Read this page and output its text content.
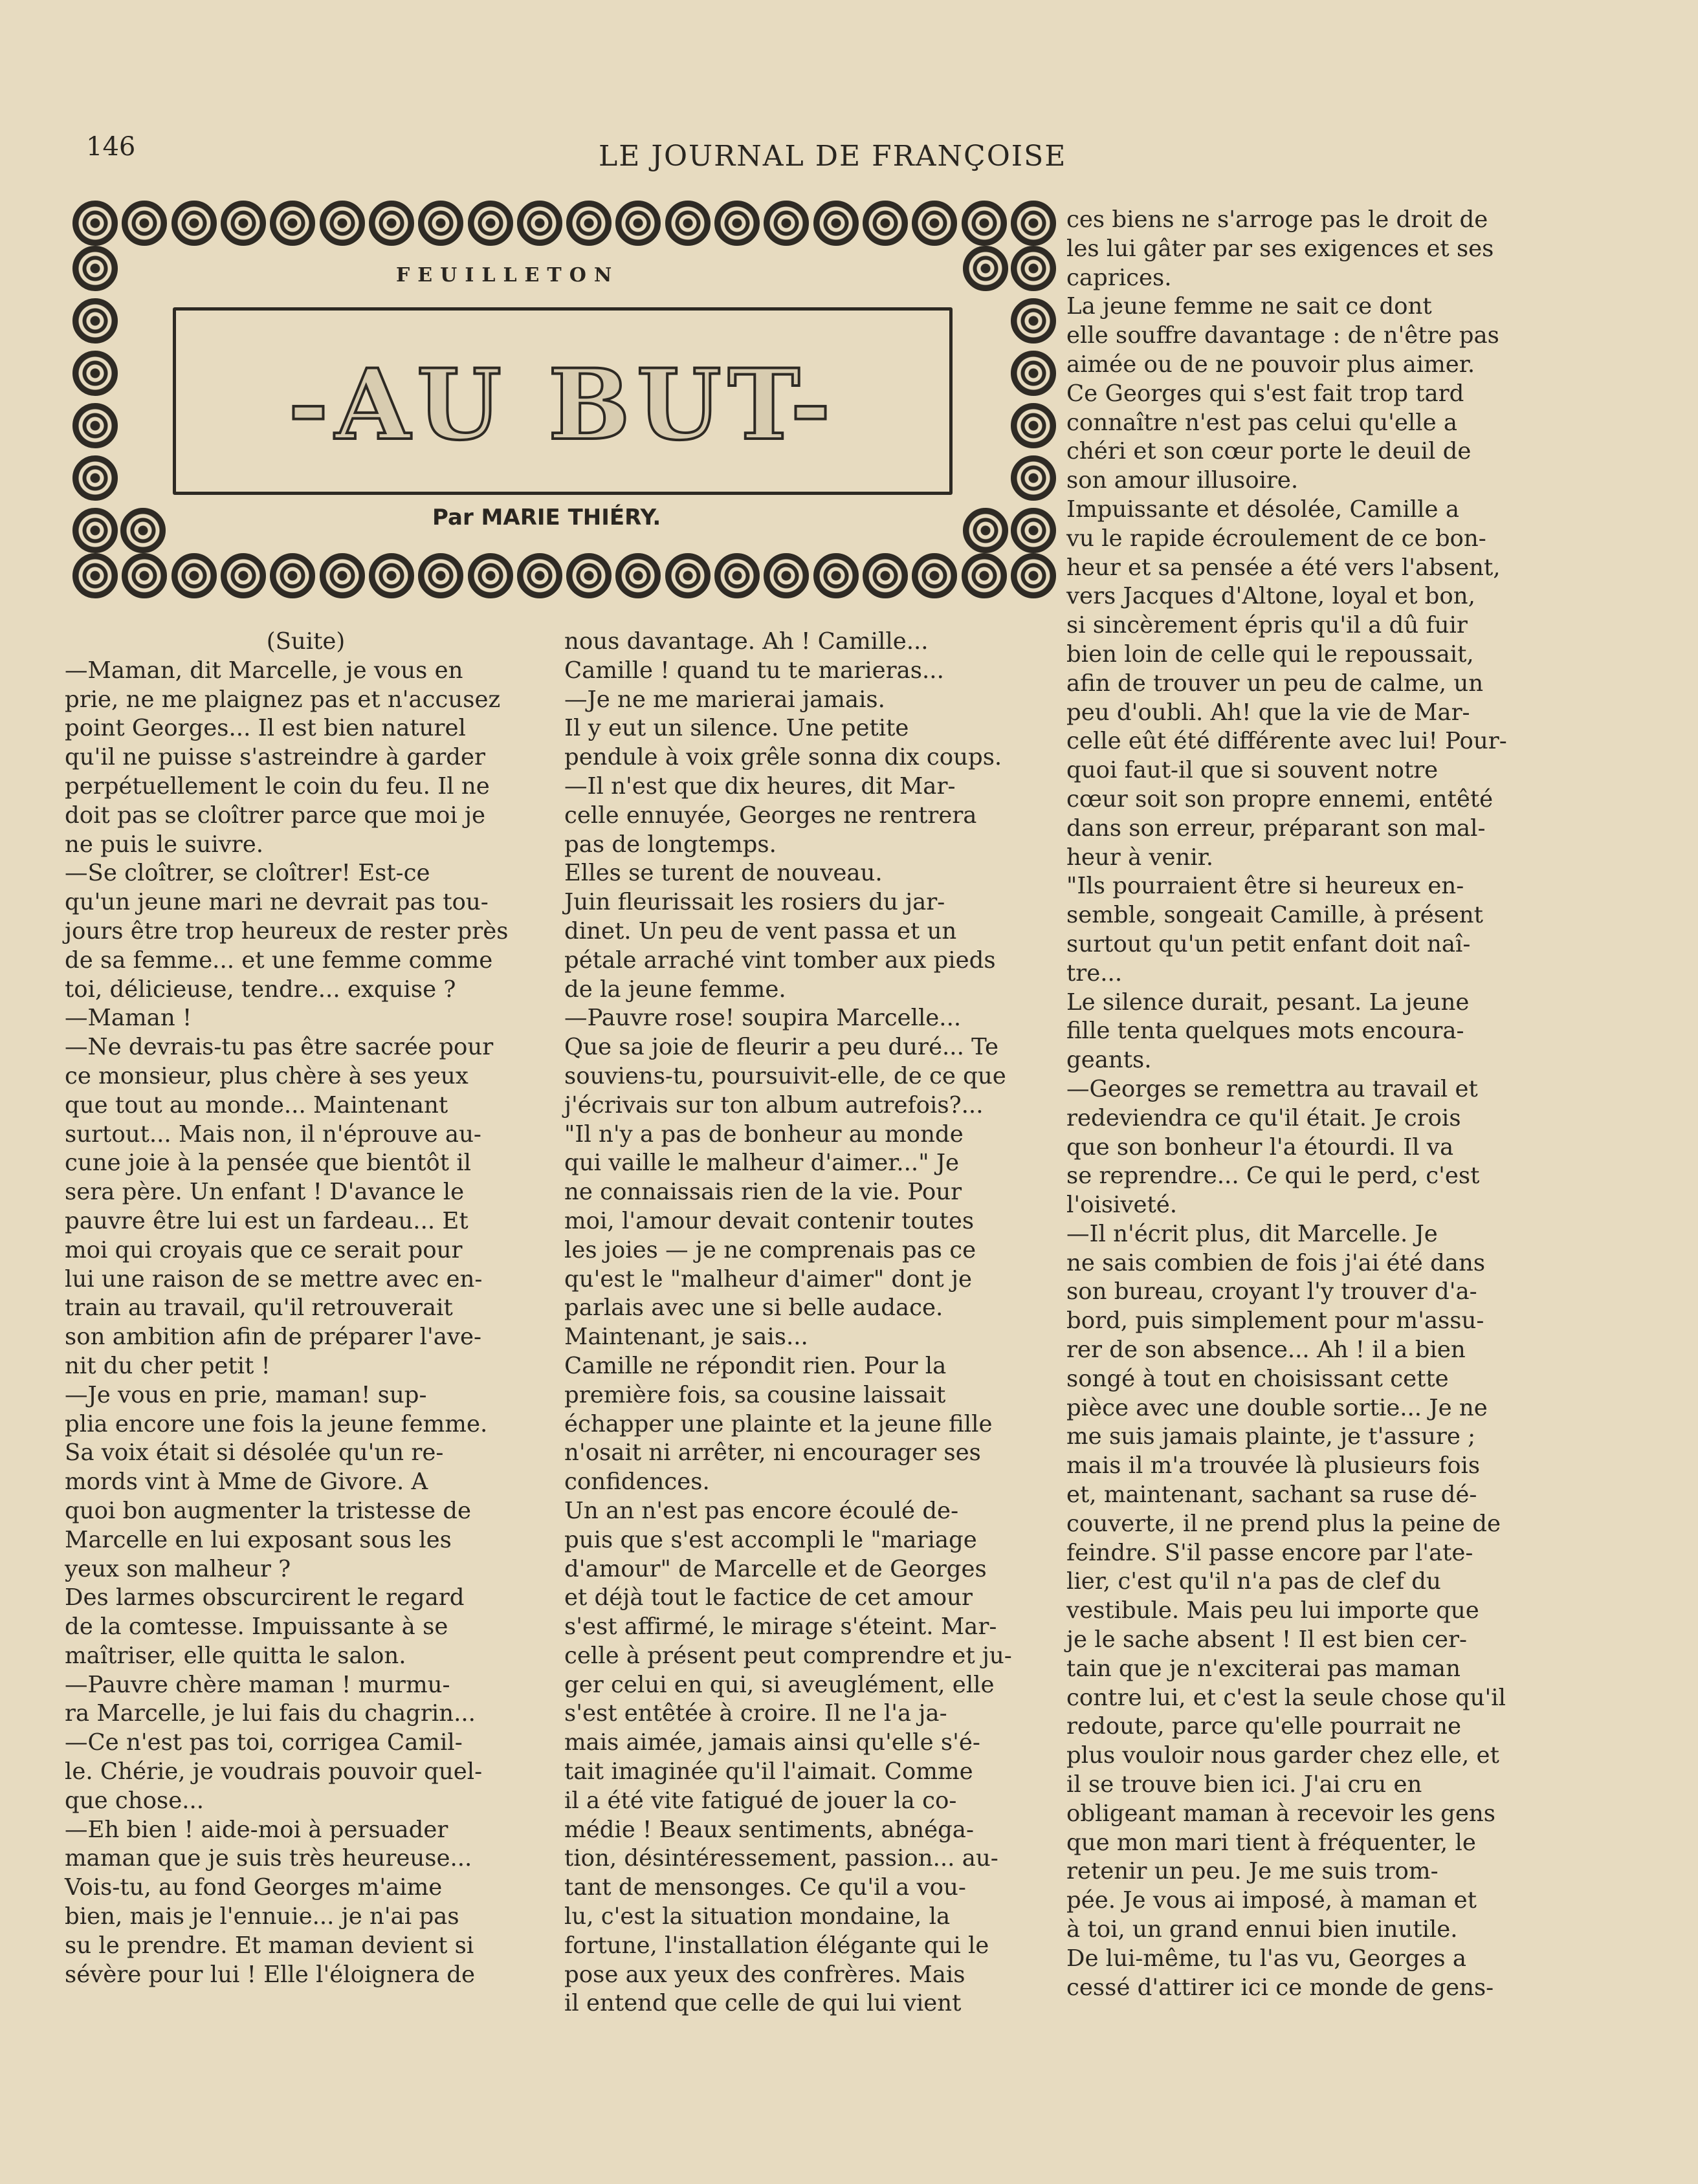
146	LE JOURNAL DE FRANÇOISE
FEUILLETON
-AU BUT-
Par MARIE THIÉRY.
(Suite)
—Maman, dit Marcelle, je vous en
prie, ne me plaignez pas et n'accusez
point Georges... Il est bien naturel
qu'il ne puisse s'astreindre à garder
perpétuellement le coin du feu. Il ne
doit pas se cloîtrer parce que moi je
ne puis le suivre.
—Se cloîtrer, se cloîtrer! Est-ce
qu'un jeune mari ne devrait pas tou-
jours être trop heureux de rester près
de sa femme... et une femme comme
toi, délicieuse, tendre... exquise ?
—Maman !
—Ne devrais-tu pas être sacrée pour
ce monsieur, plus chère à ses yeux
que tout au monde... Maintenant
surtout... Mais non, il n'éprouve au-
cune joie à la pensée que bientôt il
sera père. Un enfant ! D'avance le
pauvre être lui est un fardeau... Et
moi qui croyais que ce serait pour
lui une raison de se mettre avec en-
train au travail, qu'il retrouverait
son ambition afin de préparer l'ave-
nit du cher petit !
—Je vous en prie, maman! sup-
plia encore une fois la jeune femme.
Sa voix était si désolée qu'un re-
mords vint à Mme de Givore. A
quoi bon augmenter la tristesse de
Marcelle en lui exposant sous les
yeux son malheur ?
Des larmes obscurcirent le regard
de la comtesse. Impuissante à se
maîtriser, elle quitta le salon.
—Pauvre chère maman ! murmu-
ra Marcelle, je lui fais du chagrin...
—Ce n'est pas toi, corrigea Camil-
le. Chérie, je voudrais pouvoir quel-
que chose...
—Eh bien ! aide-moi à persuader
maman que je suis très heureuse...
Vois-tu, au fond Georges m'aime
bien, mais je l'ennuie... je n'ai pas
su le prendre. Et maman devient si
sévère pour lui ! Elle l'éloignera de
nous davantage. Ah ! Camille...
Camille ! quand tu te marieras...
—Je ne me marierai jamais.
Il y eut un silence. Une petite
pendule à voix grêle sonna dix coups.
—Il n'est que dix heures, dit Mar-
celle ennuyée, Georges ne rentrera
pas de longtemps.
Elles se turent de nouveau.
Juin fleurissait les rosiers du jar-
dinet. Un peu de vent passa et un
pétale arraché vint tomber aux pieds
de la jeune femme.
—Pauvre rose! soupira Marcelle...
Que sa joie de fleurir a peu duré... Te
souviens-tu, poursuivit-elle, de ce que
j'écrivais sur ton album autrefois?...
"Il n'y a pas de bonheur au monde
qui vaille le malheur d'aimer..." Je
ne connaissais rien de la vie. Pour
moi, l'amour devait contenir toutes
les joies — je ne comprenais pas ce
qu'est le "malheur d'aimer" dont je
parlais avec une si belle audace.
Maintenant, je sais...
Camille ne répondit rien. Pour la
première fois, sa cousine laissait
échapper une plainte et la jeune fille
n'osait ni arrêter, ni encourager ses
confidences.
Un an n'est pas encore écoulé de-
puis que s'est accompli le "mariage
d'amour" de Marcelle et de Georges
et déjà tout le factice de cet amour
s'est affirmé, le mirage s'éteint. Mar-
celle à présent peut comprendre et ju-
ger celui en qui, si aveuglément, elle
s'est entêtée à croire. Il ne l'a ja-
mais aimée, jamais ainsi qu'elle s'é-
tait imaginée qu'il l'aimait. Comme
il a été vite fatigué de jouer la co-
médie ! Beaux sentiments, abnéga-
tion, désintéressement, passion... au-
tant de mensonges. Ce qu'il a vou-
lu, c'est la situation mondaine, la
fortune, l'installation élégante qui le
pose aux yeux des confrères. Mais
il entend que celle de qui lui vient
ces biens ne s'arroge pas le droit de
les lui gâter par ses exigences et ses
caprices.
La jeune femme ne sait ce dont
elle souffre davantage : de n'être pas
aimée ou de ne pouvoir plus aimer.
Ce Georges qui s'est fait trop tard
connaître n'est pas celui qu'elle a
chéri et son cœur porte le deuil de
son amour illusoire.
Impuissante et désolée, Camille a
vu le rapide écroulement de ce bon-
heur et sa pensée a été vers l'absent,
vers Jacques d'Altone, loyal et bon,
si sincèrement épris qu'il a dû fuir
bien loin de celle qui le repoussait,
afin de trouver un peu de calme, un
peu d'oubli. Ah! que la vie de Mar-
celle eût été différente avec lui! Pour-
quoi faut-il que si souvent notre
cœur soit son propre ennemi, entêté
dans son erreur, préparant son mal-
heur à venir.
"Ils pourraient être si heureux en-
semble, songeait Camille, à présent
surtout qu'un petit enfant doit naî-
tre...
Le silence durait, pesant. La jeune
fille tenta quelques mots encoura-
geants.
—Georges se remettra au travail et
redeviendra ce qu'il était. Je crois
que son bonheur l'a étourdi. Il va
se reprendre... Ce qui le perd, c'est
l'oisiveté.
—Il n'écrit plus, dit Marcelle. Je
ne sais combien de fois j'ai été dans
son bureau, croyant l'y trouver d'a-
bord, puis simplement pour m'assu-
rer de son absence... Ah ! il a bien
songé à tout en choisissant cette
pièce avec une double sortie... Je ne
me suis jamais plainte, je t'assure ;
mais il m'a trouvée là plusieurs fois
et, maintenant, sachant sa ruse dé-
couverte, il ne prend plus la peine de
feindre. S'il passe encore par l'ate-
lier, c'est qu'il n'a pas de clef du
vestibule. Mais peu lui importe que
je le sache absent ! Il est bien cer-
tain que je n'exciterai pas maman
contre lui, et c'est la seule chose qu'il
redoute, parce qu'elle pourrait ne
plus vouloir nous garder chez elle, et
il se trouve bien ici. J'ai cru en
obligeant maman à recevoir les gens
que mon mari tient à fréquenter, le
retenir un peu. Je me suis trom-
pée. Je vous ai imposé, à maman et
à toi, un grand ennui bien inutile.
De lui-même, tu l'as vu, Georges a
cessé d'attirer ici ce monde de gens-
